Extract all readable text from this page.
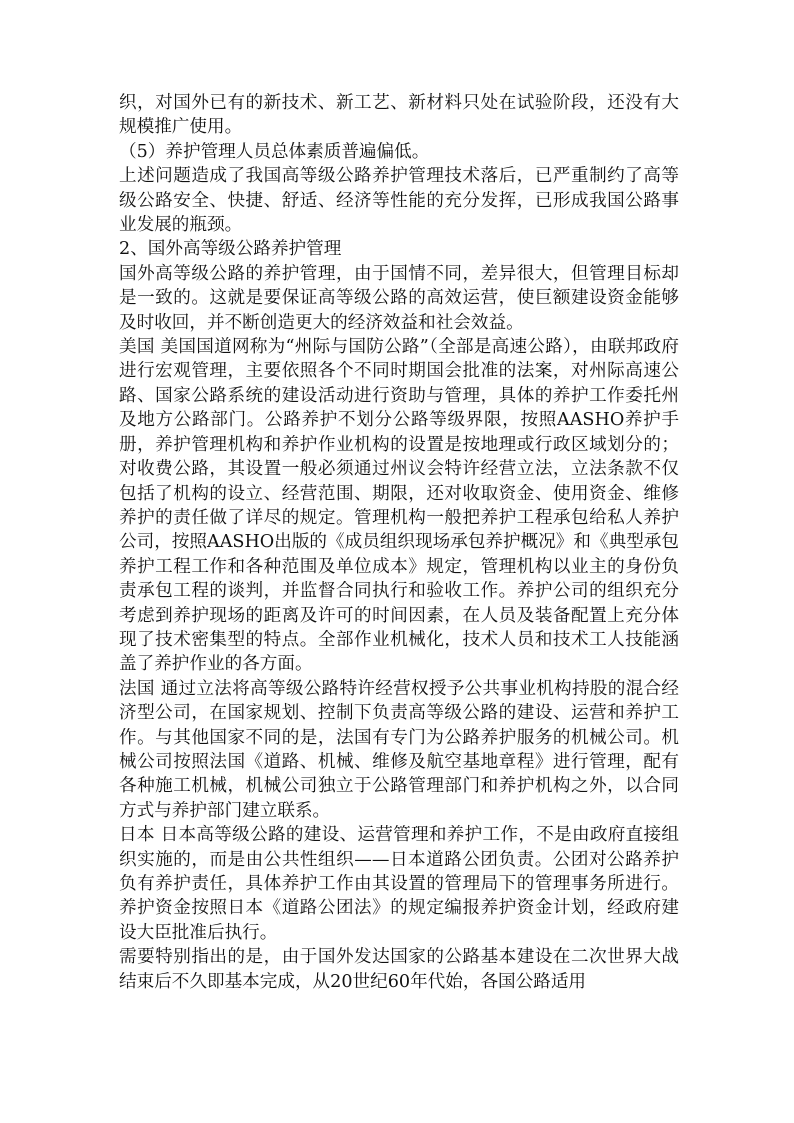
织，对国外已有的新技术、新工艺、新材料只处在试验阶段，还没有大规模推广使用。

（5）养护管理人员总体素质普遍偏低。

上述问题造成了我国高等级公路养护管理技术落后，已严重制约了高等级公路安全、快捷、舒适、经济等性能的充分发挥，已形成我国公路事业发展的瓶颈。

2、国外高等级公路养护管理

国外高等级公路的养护管理，由于国情不同，差异很大，但管理目标却是一致的。这就是要保证高等级公路的高效运营，使巨额建设资金能够及时收回，并不断创造更大的经济效益和社会效益。

美国 美国国道网称为“州际与国防公路”（全部是高速公路），由联邦政府进行宏观管理，主要依照各个不同时期国会批准的法案，对州际高速公路、国家公路系统的建设活动进行资助与管理，具体的养护工作委托州及地方公路部门。公路养护不划分公路等级界限，按照AASHO养护手册，养护管理机构和养护作业机构的设置是按地理或行政区域划分的；对收费公路，其设置一般必须通过州议会特许经营立法，立法条款不仅包括了机构的设立、经营范围、期限，还对收取资金、使用资金、维修养护的责任做了详尽的规定。管理机构一般把养护工程承包给私人养护公司，按照AASHO出版的《成员组织现场承包养护概况》和《典型承包养护工程工作和各种范围及单位成本》规定，管理机构以业主的身份负责承包工程的谈判，并监督合同执行和验收工作。养护公司的组织充分考虑到养护现场的距离及许可的时间因素，在人员及装备配置上充分体现了技术密集型的特点。全部作业机械化，技术人员和技术工人技能涵盖了养护作业的各方面。

法国 通过立法将高等级公路特许经营权授予公共事业机构持股的混合经济型公司，在国家规划、控制下负责高等级公路的建设、运营和养护工作。与其他国家不同的是，法国有专门为公路养护服务的机械公司。机械公司按照法国《道路、机械、维修及航空基地章程》进行管理，配有各种施工机械，机械公司独立于公路管理部门和养护机构之外，以合同方式与养护部门建立联系。

日本 日本高等级公路的建设、运营管理和养护工作，不是由政府直接组织实施的，而是由公共性组织——日本道路公团负责。公团对公路养护负有养护责任，具体养护工作由其设置的管理局下的管理事务所进行。养护资金按照日本《道路公团法》的规定编报养护资金计划，经政府建设大臣批准后执行。

需要特别指出的是，由于国外发达国家的公路基本建设在二次世界大战结束后不久即基本完成，从20世纪60年代始，各国公路适用
